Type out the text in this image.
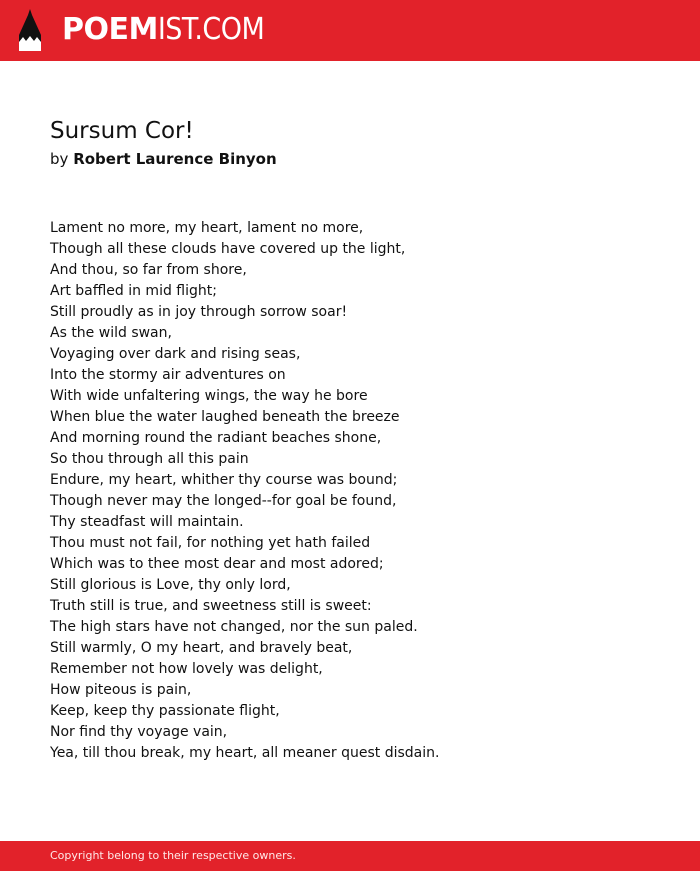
POEMIST.COM
Sursum Cor!
by Robert Laurence Binyon
Lament no more, my heart, lament no more,
Though all these clouds have covered up the light,
And thou, so far from shore,
Art baffled in mid flight;
Still proudly as in joy through sorrow soar!
As the wild swan,
Voyaging over dark and rising seas,
Into the stormy air adventures on
With wide unfaltering wings, the way he bore
When blue the water laughed beneath the breeze
And morning round the radiant beaches shone,
So thou through all this pain
Endure, my heart, whither thy course was bound;
Though never may the longed--for goal be found,
Thy steadfast will maintain.
Thou must not fail, for nothing yet hath failed
Which was to thee most dear and most adored;
Still glorious is Love, thy only lord,
Truth still is true, and sweetness still is sweet:
The high stars have not changed, nor the sun paled.
Still warmly, O my heart, and bravely beat,
Remember not how lovely was delight,
How piteous is pain,
Keep, keep thy passionate flight,
Nor find thy voyage vain,
Yea, till thou break, my heart, all meaner quest disdain.
Copyright belong to their respective owners.
